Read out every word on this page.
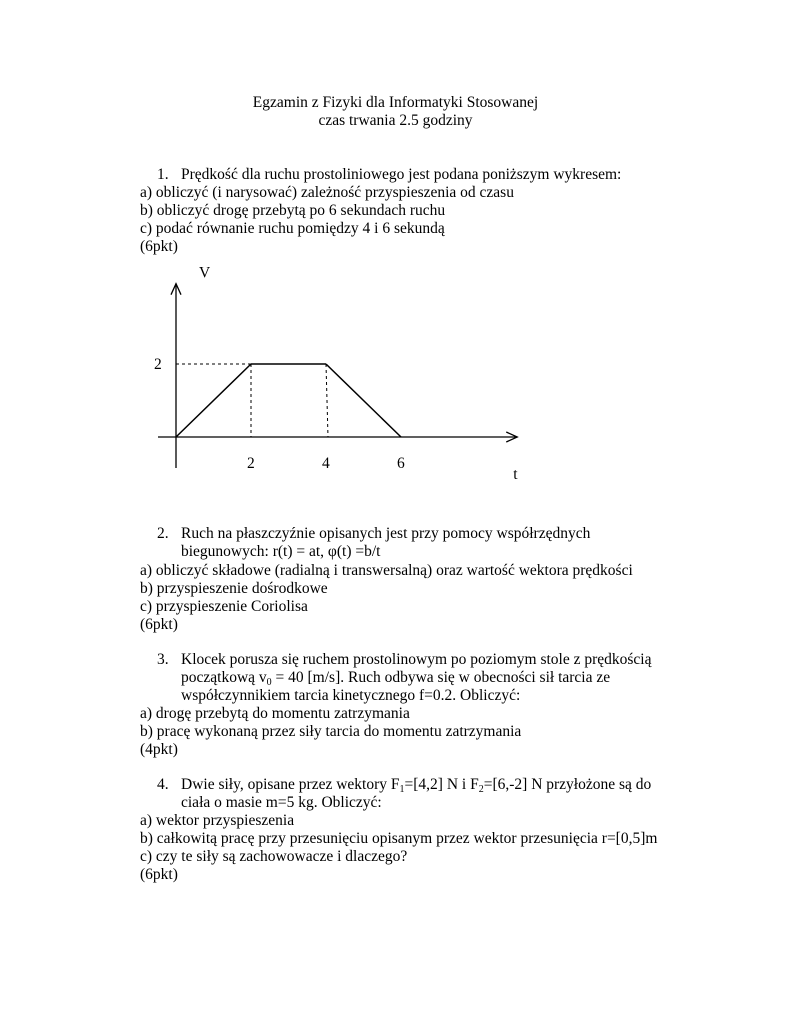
Egzamin z Fizyki dla Informatyki Stosowanej
czas trwania 2.5 godziny
1. Prędkość dla ruchu prostoliniowego jest podana poniższym wykresem:
a) obliczyć (i narysować) zależność przyspieszenia od czasu
b) obliczyć drogę przebytą po 6 sekundach ruchu
c) podać równanie ruchu pomiędzy 4 i 6 sekundą
(6pkt)
V
t
2	4	6
2
2. Ruch na płaszczyźnie opisanych jest przy pomocy współrzędnych
biegunowych: r(t) = at, φ(t) =b/t
a) obliczyć składowe (radialną i transwersalną) oraz wartość wektora prędkości
b) przyspieszenie dośrodkowe
c) przyspieszenie Coriolisa
(6pkt)
3. Klocek porusza się ruchem prostolinowym po poziomym stole z prędkością
początkową $v_0 = 40$ [m/s]. Ruch odbywa się w obecności sił tarcia ze
współczynnikiem tarcia kinetycznego f=0.2. Obliczyć:
a) drogę przebytą do momentu zatrzymania
b) pracę wykonaną przez siły tarcia do momentu zatrzymania
(4pkt)
4. Dwie siły, opisane przez wektory $F_1=[4,2]$ N i $F_2=[6,-2]$ N przyłożone są do
ciała o masie m=5 kg. Obliczyć:
a) wektor przyspieszenia
b) całkowitą pracę przy przesunięciu opisanym przez wektor przesunięcia r=[0,5]m
c) czy te siły są zachowowacze i dlaczego?
(6pkt)
